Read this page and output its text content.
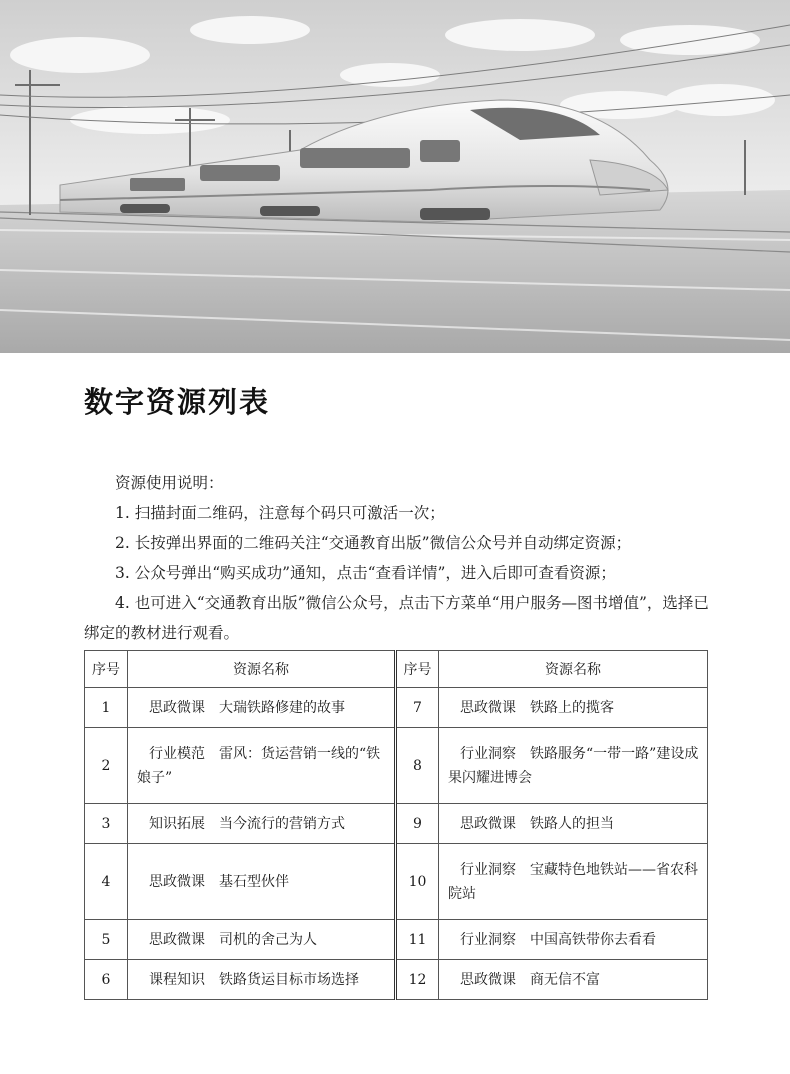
数字资源列表

资源使用说明：

1. 扫描封面二维码，注意每个码只可激活一次；

2. 长按弹出界面的二维码关注“交通教育出版”微信公众号并自动绑定资源；

3. 公众号弹出“购买成功”通知，点击“查看详情”，进入后即可查看资源；

4. 也可进入“交通教育出版”微信公众号，点击下方菜单“用户服务—图书增值”，选择已绑定的教材进行观看。

序号	资源名称	序号	资源名称
1	思政微课 大瑞铁路修建的故事	7	思政微课 铁路上的揽客
2	行业模范 雷风：货运营销一线的“铁娘子”	8	行业洞察 铁路服务“一带一路”建设成果闪耀进博会
3	知识拓展 当今流行的营销方式	9	思政微课 铁路人的担当
4	思政微课 基石型伙伴	10	行业洞察 宝藏特色地铁站——省农科院站
5	思政微课 司机的舍己为人	11	行业洞察 中国高铁带你去看看
6	课程知识 铁路货运目标市场选择	12	思政微课 商无信不富
